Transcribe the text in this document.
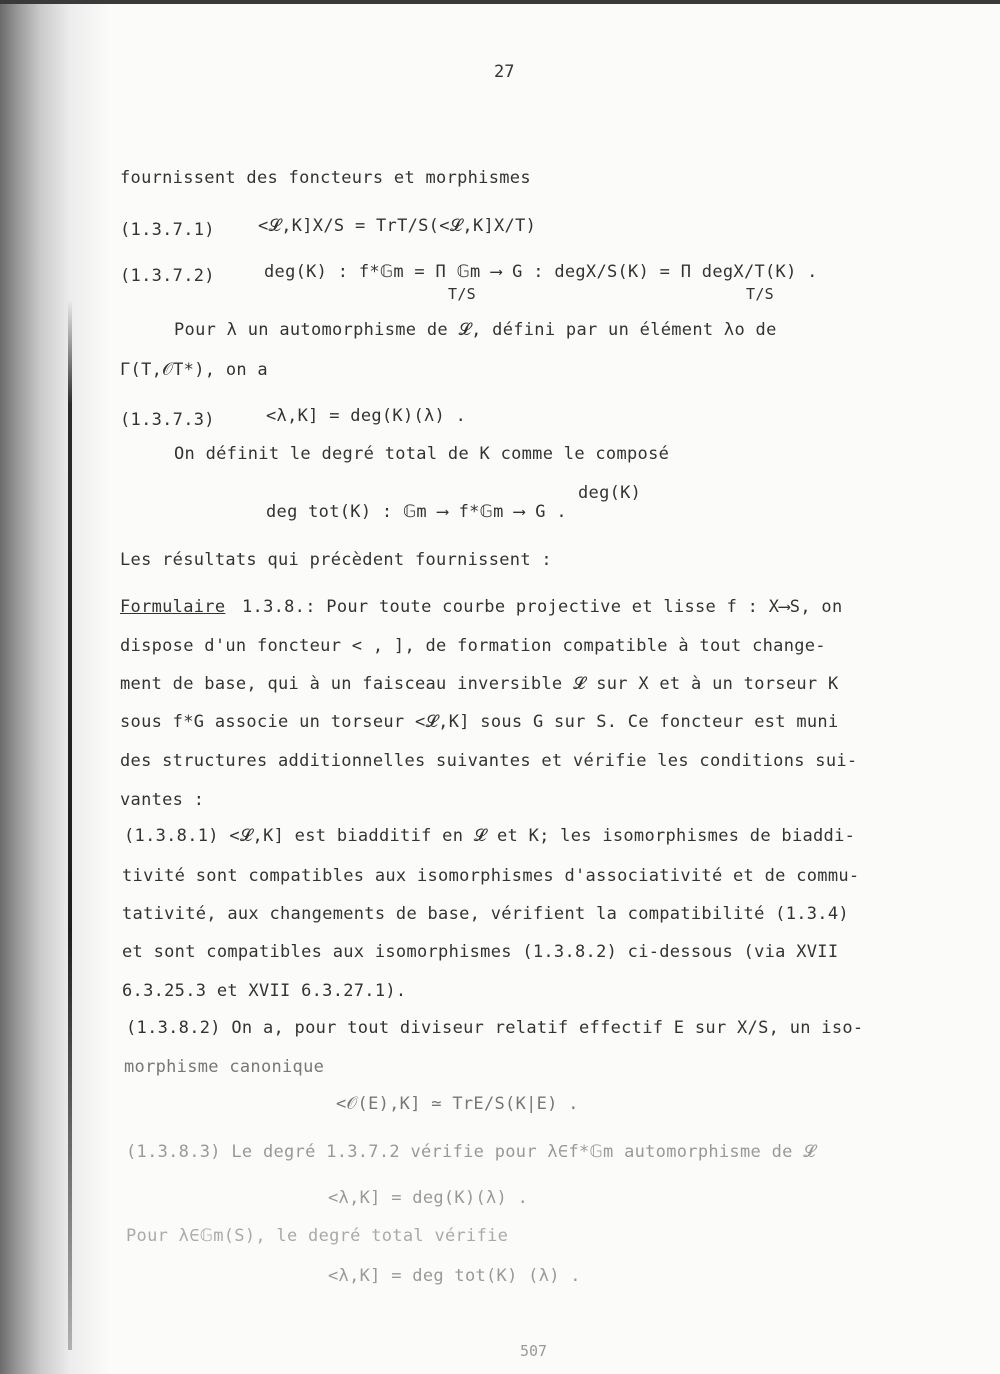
27
fournissent des foncteurs et morphismes
(1.3.7.1)	<𝓛,K]X/S = TrT/S(<𝓛,K]X/T)
(1.3.7.2)	deg(K) : f*𝔾m = Π 𝔾m ⟶ G : degX/S(K) = Π degX/T(K) .
T/S	T/S
Pour λ un automorphisme de 𝓛, défini par un élément λo de
Γ(T,𝒪T*), on a
(1.3.7.3)	<λ,K] = deg(K)(λ) .
On définit le degré total de K comme le composé
deg(K)
deg tot(K) : 𝔾m ⟶ f*𝔾m ⟶ G .
Les résultats qui précèdent fournissent :
Formulaire 1.3.8.: Pour toute courbe projective et lisse f : X⟶S, on
dispose d'un foncteur < , ], de formation compatible à tout change-
ment de base, qui à un faisceau inversible 𝓛 sur X et à un torseur K
sous f*G associe un torseur <𝓛,K] sous G sur S. Ce foncteur est muni
des structures additionnelles suivantes et vérifie les conditions sui-
vantes :
(1.3.8.1) <𝓛,K] est biadditif en 𝓛 et K; les isomorphismes de biaddi-
tivité sont compatibles aux isomorphismes d'associativité et de commu-
tativité, aux changements de base, vérifient la compatibilité (1.3.4)
et sont compatibles aux isomorphismes (1.3.8.2) ci-dessous (via XVII
6.3.25.3 et XVII 6.3.27.1).
(1.3.8.2) On a, pour tout diviseur relatif effectif E sur X/S, un iso-
morphisme canonique
<𝒪(E),K] ≃ TrE/S(K|E) .
(1.3.8.3) Le degré 1.3.7.2 vérifie pour λ∈f*𝔾m automorphisme de 𝓛
<λ,K] = deg(K)(λ) .
Pour λ∈𝔾m(S), le degré total vérifie
<λ,K] = deg tot(K) (λ) .
507
